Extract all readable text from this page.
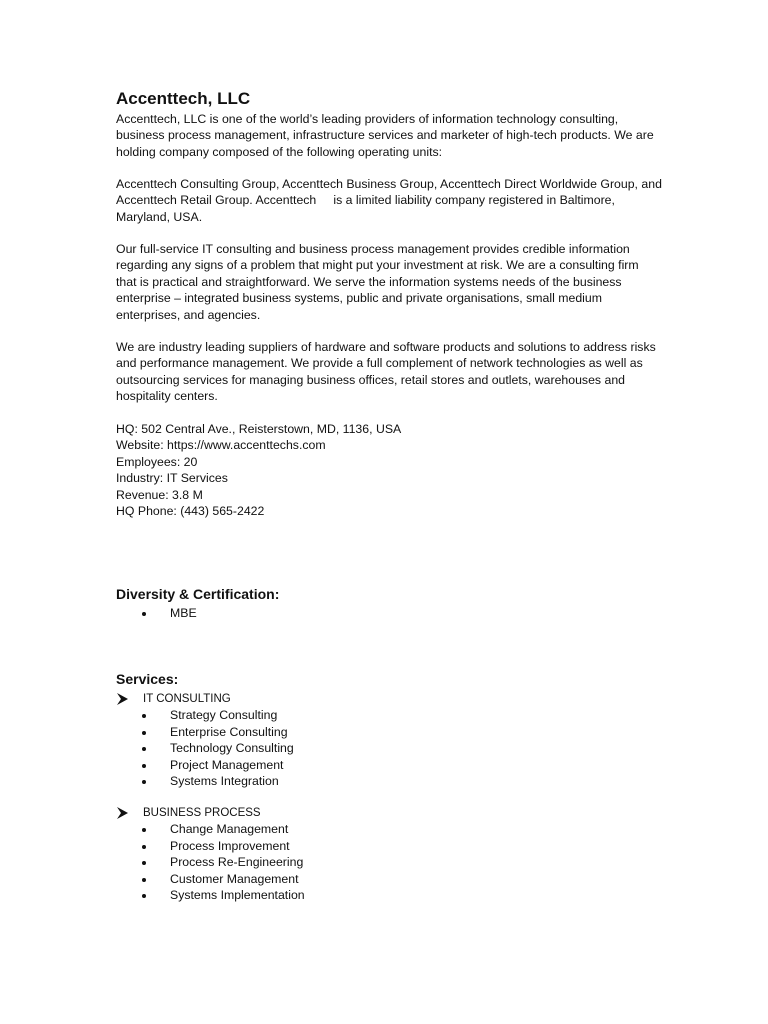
Accenttech, LLC

Accenttech, LLC is one of the world’s leading providers of information technology consulting,
business process management, infrastructure services and marketer of high-tech products. We are
holding company composed of the following operating units:

Accenttech Consulting Group, Accenttech Business Group, Accenttech Direct Worldwide Group, and
Accenttech Retail Group. Accenttech     is a limited liability company registered in Baltimore,
Maryland, USA.

Our full-service IT consulting and business process management provides credible information
regarding any signs of a problem that might put your investment at risk. We are a consulting firm
that is practical and straightforward. We serve the information systems needs of the business
enterprise – integrated business systems, public and private organisations, small medium
enterprises, and agencies.

We are industry leading suppliers of hardware and software products and solutions to address risks
and performance management. We provide a full complement of network technologies as well as
outsourcing services for managing business offices, retail stores and outlets, warehouses and
hospitality centers.

HQ: 502 Central Ave., Reisterstown, MD, 1136, USA
Website: https://www.accenttechs.com
Employees: 20
Industry: IT Services
Revenue: 3.8 M
HQ Phone: (443) 565-2422
Diversity & Certification:
MBE
Services:
IT CONSULTING
Strategy Consulting
Enterprise Consulting
Technology Consulting
Project Management
Systems Integration
BUSINESS PROCESS
Change Management
Process Improvement
Process Re-Engineering
Customer Management
Systems Implementation
